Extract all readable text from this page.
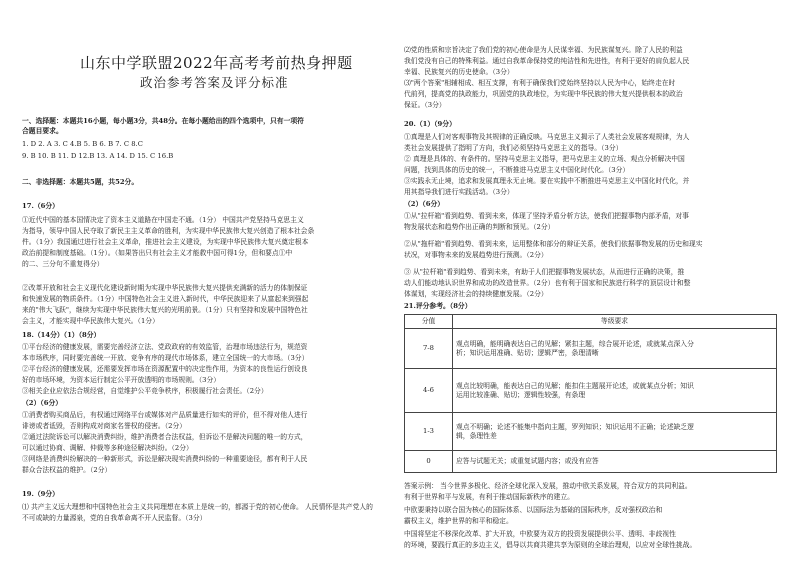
山东中学联盟2022年高考考前热身押题
政治参考答案及评分标准
一、选择题：本题共16小题，每小题3分，共48分。在每小题给出的四个选项中，只有一项符
合题目要求。
1. D 2. A 3. C 4.B 5. B 6. B 7. C 8.C
9. B 10. B 11. D 12.B 13. A 14. D 15. C 16.B
二、非选择题：本题共5题，共52分。
17.（6分）
①近代中国的基本国情决定了资本主义道路在中国走不通。（1分） 中国共产党坚持马克思主义
为指导，领导中国人民夺取了新民主主义革命的胜利，为实现中华民族伟大复兴创造了根本社会条
件。（1分）我国通过进行社会主义革命，推进社会主义建设，为实现中华民族伟大复兴奠定根本
政治前提和制度基础。（1分）。（如果答出只有社会主义才能救中国可得1分，但和要点①中
的二、三分句不重复得分）
②改革开放和社会主义现代化建设新时期为实现中华民族伟大复兴提供充满新的活力的体制保证
和快速发展的物质条件。（1分）中国特色社会主义进入新时代，中华民族迎来了从富起来到强起
来的"伟大飞跃"，继续为实现中华民族伟大复兴的光明前景。（1分）只有坚持和发展中国特色社
会主义，才能实现中华民族伟大复兴。（1分）
18.（14分）（1）（8分）
①平台经济的健康发展，需要完善经济立法、党政政府的有效监管，治理市场违法行为，规范资
本市场秩序，同时要完善统一开放、竞争有序的现代市场体系，建立全国统一的大市场。（3分）
②平台经济的健康发展，还需要发挥市场在资源配置中的决定性作用，为资本的良性运行创设良
好的市场环境，为资本运行制定公平开放透明的市场规则。（3分）
③相关企业应依法合规经营，自觉维护公平竞争秩序，积极履行社会责任。（2分）
（2）（6分）
①消费者购买商品后，有权通过网络平台或媒体对产品质量进行如实的评价，但不得对他人进行
诽谤或者诋毁，否则构成对商家名誉权的侵害。（2分）
②通过法院诉讼可以解决消费纠纷，维护消费者合法权益，但诉讼不是解决问题的唯一的方式，
可以通过协商、调解、仲裁等多种途径解决纠纷。（2分）
③网络是消费纠纷解决的一种新形式，诉讼是解决现实消费纠纷的一种重要途径，都有利于人民
群众合法权益的维护。（2分）
19.（9分）
⑴ 共产主义远大理想和中国特色社会主义共同理想在本质上是统一的，都源于党的初心使命。 人民情怀是共产党人的
不可或缺的力量源泉，党的自我革命离不开人民监督。（3分）
⑵党的性质和宗旨决定了我们党的初心使命是为人民谋幸福、为民族谋复兴。除了人民的利益
我们党没有自己的特殊利益。通过自我革命保持党的纯洁性和先进性，有利于更好的肩负起人民
幸福、民族复兴的历史使命。（3分）
⑶"两个答案"相辅相成、相互支撑，有利于确保我们党始终坚持以人民为中心，始终走在时
代前列，提高党的执政能力，巩固党的执政地位，为实现中华民族的伟大复兴提供根本的政治
保证。（3分）
20.（1）（9分）
①真理是人们对客观事物及其规律的正确反映。马克思主义揭示了人类社会发展客观规律，为人
类社会发展提供了指明了方向，我们必须坚持马克思主义的指导。（3分）
② 真理是具体的、有条件的。坚持马克思主义指导，把马克思主义的立场、观点分析解决中国
问题，找到具体的历史的统一，不断推进马克思主义中国化时代化。（3分）
③实践永无止境，追求和发展真理永无止境。要在实践中不断推进马克思主义中国化时代化，并
用其指导我们进行实践活动。（3分）
（2）（6分）
①从"拉杆箱"看到趋势、看到未来，体现了坚持矛盾分析方法，使我们把握事物内部矛盾，对事
物发展状态和趋势作出正确的判断和预见。（2分）
②从"拖杆箱"看到趋势、看到未来，运用整体和部分的辩证关系，使我们依据事物发展的历史和现实
状况，对事物未来的发展趋势进行预测。（2分）
③ 从"拉杆箱"看到趋势、看到未来，有助于人们把握事物发展状态，从而进行正确的决策，推
动人们能动地认识世界和成功的改造世界。（2分）也有利于国家和民族进行科学的顶层设计和整
体谋划，实现经济社会的持续健康发展。（2分）
21.评分参考。（8分）
分值	等级要求
7-8	观点明确，能明确表达自己的见解；紧扣主题，综合展开论述，或就某点深入分
析；知识运用准确、贴切；逻辑严密，条理清晰

4-6	观点比较明确，能表达自己的见解；能扣住主题展开论述，或就某点分析；知识
运用比较准确、贴切；逻辑性较强，有条理

1-3	观点不明确；论述不能集中指向主题，罗列知识；知识运用不正确；论述缺乏逻
辑，条理性差

0	应答与试题无关；或重复试题内容；或没有应答
答案示例： 当今世界多极化、经济全球化深入发展，推动中欧关系发展，符合双方的共同利益。
有利于世界和平与发展，有利于推动国际新秩序的建立。
中欧要秉持以联合国为核心的国际体系、以国际法为基础的国际秩序，反对强权政治和
霸权主义，维护世界的和平和稳定。
中国将坚定不移深化改革、扩大开放，中欧要为双方的投资发展提供公平、透明、非歧视性
的环境，要践行真正的多边主义，倡导以共商共建共享为原则的全球治理观，以应对全球性挑战。
